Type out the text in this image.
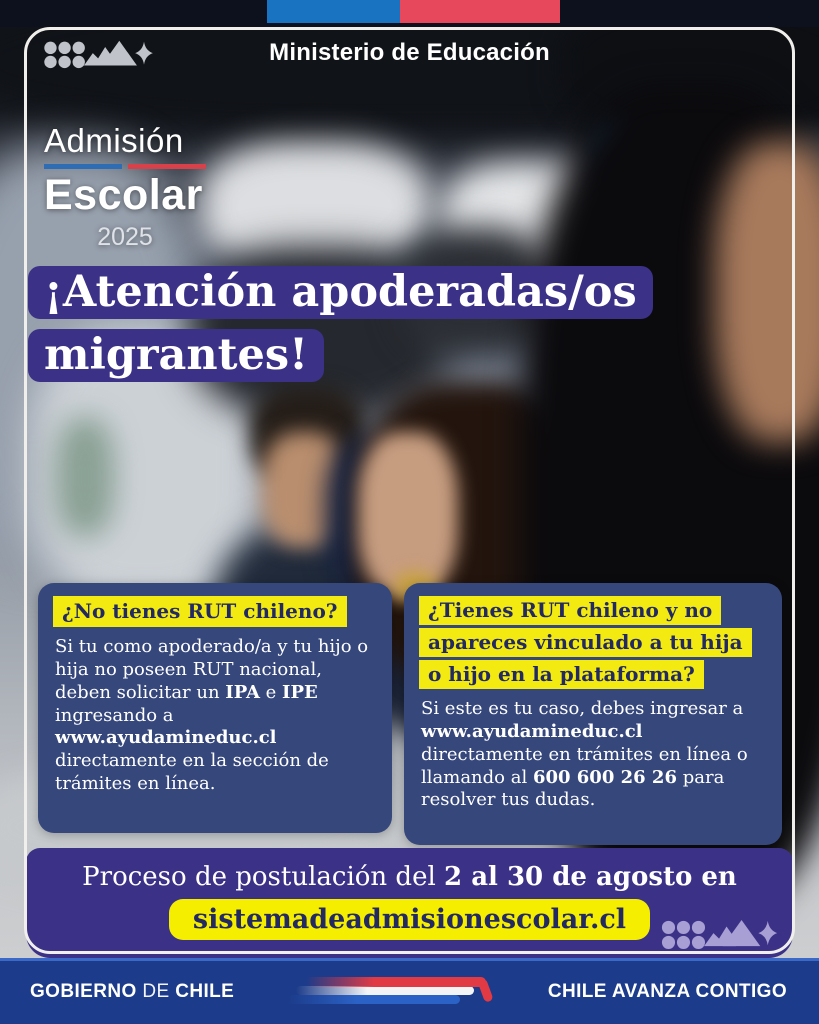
Ministerio de Educación
Admisión
Escolar
2025
¡Atención apoderadas/os
migrantes!
¿No tienes RUT chileno?

Si tu como apoderado/a y tu hijo o hija no poseen RUT nacional, deben solicitar un IPA e IPE ingresando a
www.ayudamineduc.cl
directamente en la sección de trámites en línea.

¿Tienes RUT chileno y no
apareces vinculado a tu hija
o hijo en la plataforma?

Si este es tu caso, debes ingresar a
www.ayudamineduc.cl
directamente en trámites en línea o llamando al 600 600 26 26 para resolver tus dudas.

Proceso de postulación del 2 al 30 de agosto en
sistemadeadmisionescolar.cl
GOBIERNO DE CHILE	CHILE AVANZA CONTIGO
